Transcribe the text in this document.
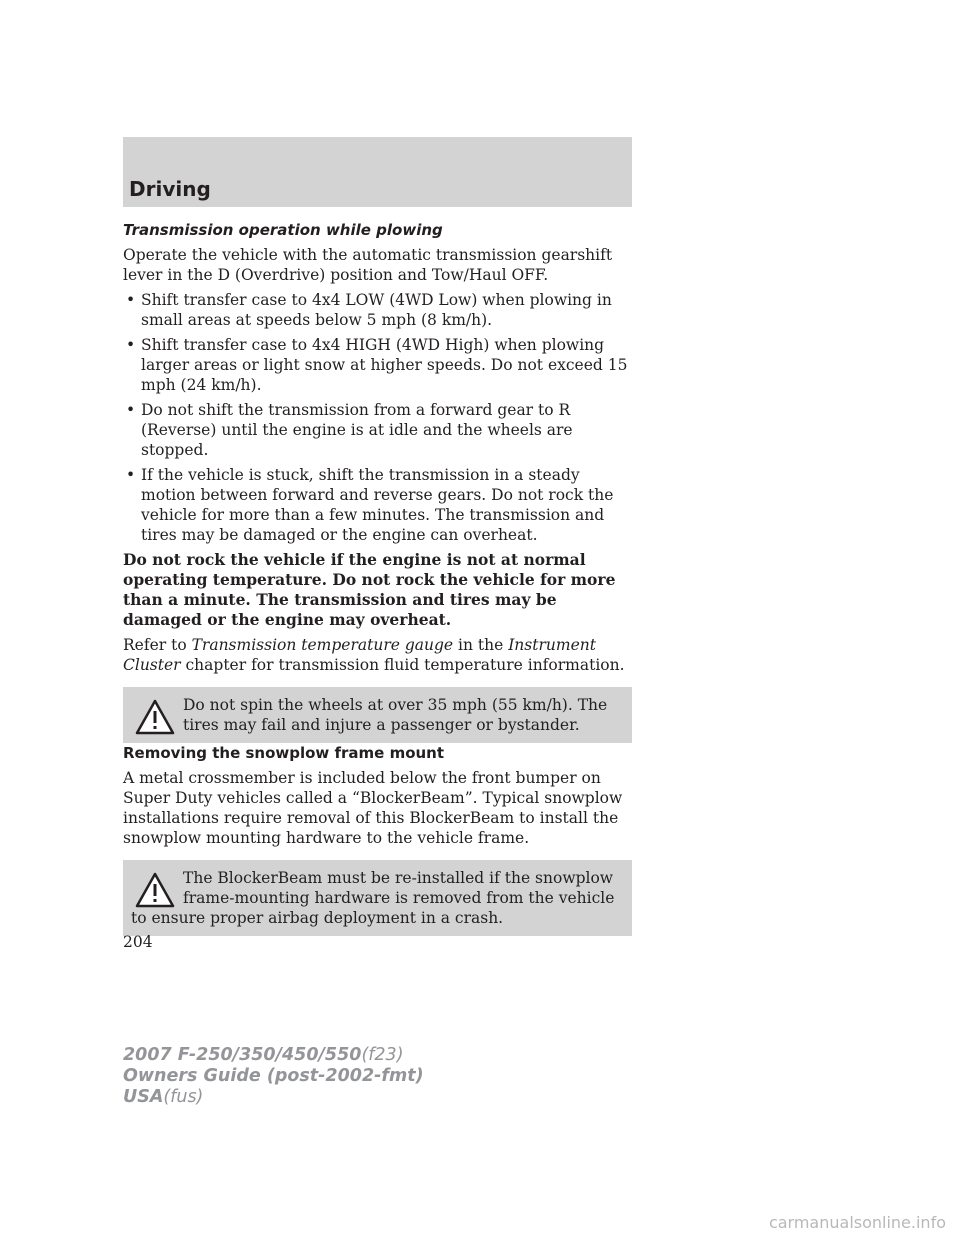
Driving

Transmission operation while plowing

Operate the vehicle with the automatic transmission gearshift lever in the D (Overdrive) position and Tow/Haul OFF.

• Shift transfer case to 4x4 LOW (4WD Low) when plowing in small areas at speeds below 5 mph (8 km/h).
• Shift transfer case to 4x4 HIGH (4WD High) when plowing larger areas or light snow at higher speeds. Do not exceed 15 mph (24 km/h).
• Do not shift the transmission from a forward gear to R (Reverse) until the engine is at idle and the wheels are stopped.
• If the vehicle is stuck, shift the transmission in a steady motion between forward and reverse gears. Do not rock the vehicle for more than a few minutes. The transmission and tires may be damaged or the engine can overheat.

Do not rock the vehicle if the engine is not at normal operating temperature. Do not rock the vehicle for more than a minute. The transmission and tires may be damaged or the engine may overheat.

Refer to Transmission temperature gauge in the Instrument Cluster chapter for transmission fluid temperature information.

Do not spin the wheels at over 35 mph (55 km/h). The tires may fail and injure a passenger or bystander.

Removing the snowplow frame mount

A metal crossmember is included below the front bumper on Super Duty vehicles called a “BlockerBeam”. Typical snowplow installations require removal of this BlockerBeam to install the snowplow mounting hardware to the vehicle frame.

The BlockerBeam must be re-installed if the snowplow frame-mounting hardware is removed from the vehicle to ensure proper airbag deployment in a crash.
204
2007 F-250/350/450/550(f23)
Owners Guide (post-2002-fmt)
USA(fus)
carmanualsonline.info
